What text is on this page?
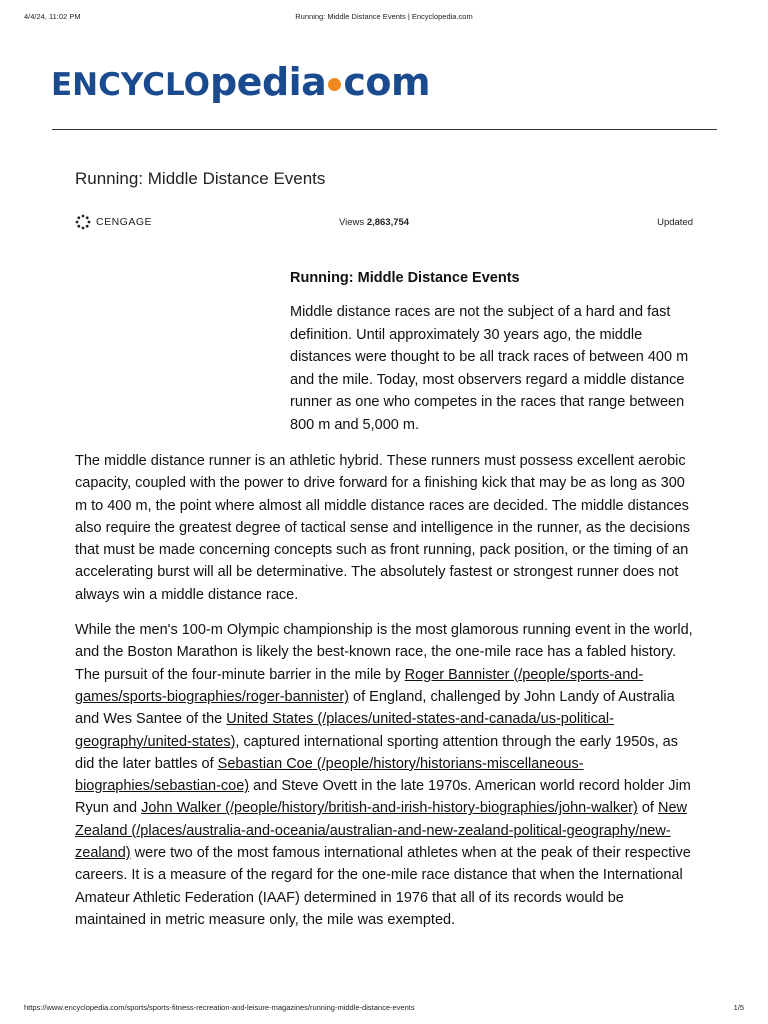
4/4/24, 11:02 PM	Running: Middle Distance Events | Encyclopedia.com
ENCYCLOpedia com
Running: Middle Distance Events
CENGAGE	Views 2,863,754	Updated
Running: Middle Distance Events

Middle distance races are not the subject of a hard and fast definition. Until approximately 30 years ago, the middle distances were thought to be all track races of between 400 m and the mile. Today, most observers regard a middle distance runner as one who competes in the races that range between 800 m and 5,000 m.

The middle distance runner is an athletic hybrid. These runners must possess excellent aerobic capacity, coupled with the power to drive forward for a finishing kick that may be as long as 300 m to 400 m, the point where almost all middle distance races are decided. The middle distances also require the greatest degree of tactical sense and intelligence in the runner, as the decisions that must be made concerning concepts such as front running, pack position, or the timing of an accelerating burst will all be determinative. The absolutely fastest or strongest runner does not always win a middle distance race.

While the men's 100-m Olympic championship is the most glamorous running event in the world, and the Boston Marathon is likely the best-known race, the one-mile race has a fabled history. The pursuit of the four-minute barrier in the mile by Roger Bannister (/people/sports-and-games/sports-biographies/roger-bannister) of England, challenged by John Landy of Australia and Wes Santee of the United States (/places/united-states-and-canada/us-political-geography/united-states), captured international sporting attention through the early 1950s, as did the later battles of Sebastian Coe (/people/history/historians-miscellaneous-biographies/sebastian-coe) and Steve Ovett in the late 1970s. American world record holder Jim Ryun and John Walker (/people/history/british-and-irish-history-biographies/john-walker) of New Zealand (/places/australia-and-oceania/australian-and-new-zealand-political-geography/new-zealand) were two of the most famous international athletes when at the peak of their respective careers. It is a measure of the regard for the one-mile race distance that when the International Amateur Athletic Federation (IAAF) determined in 1976 that all of its records would be maintained in metric measure only, the mile was exempted.

https://www.encyclopedia.com/sports/sports-fitness-recreation-and-leisure-magazines/running-middle-distance-events	1/5
